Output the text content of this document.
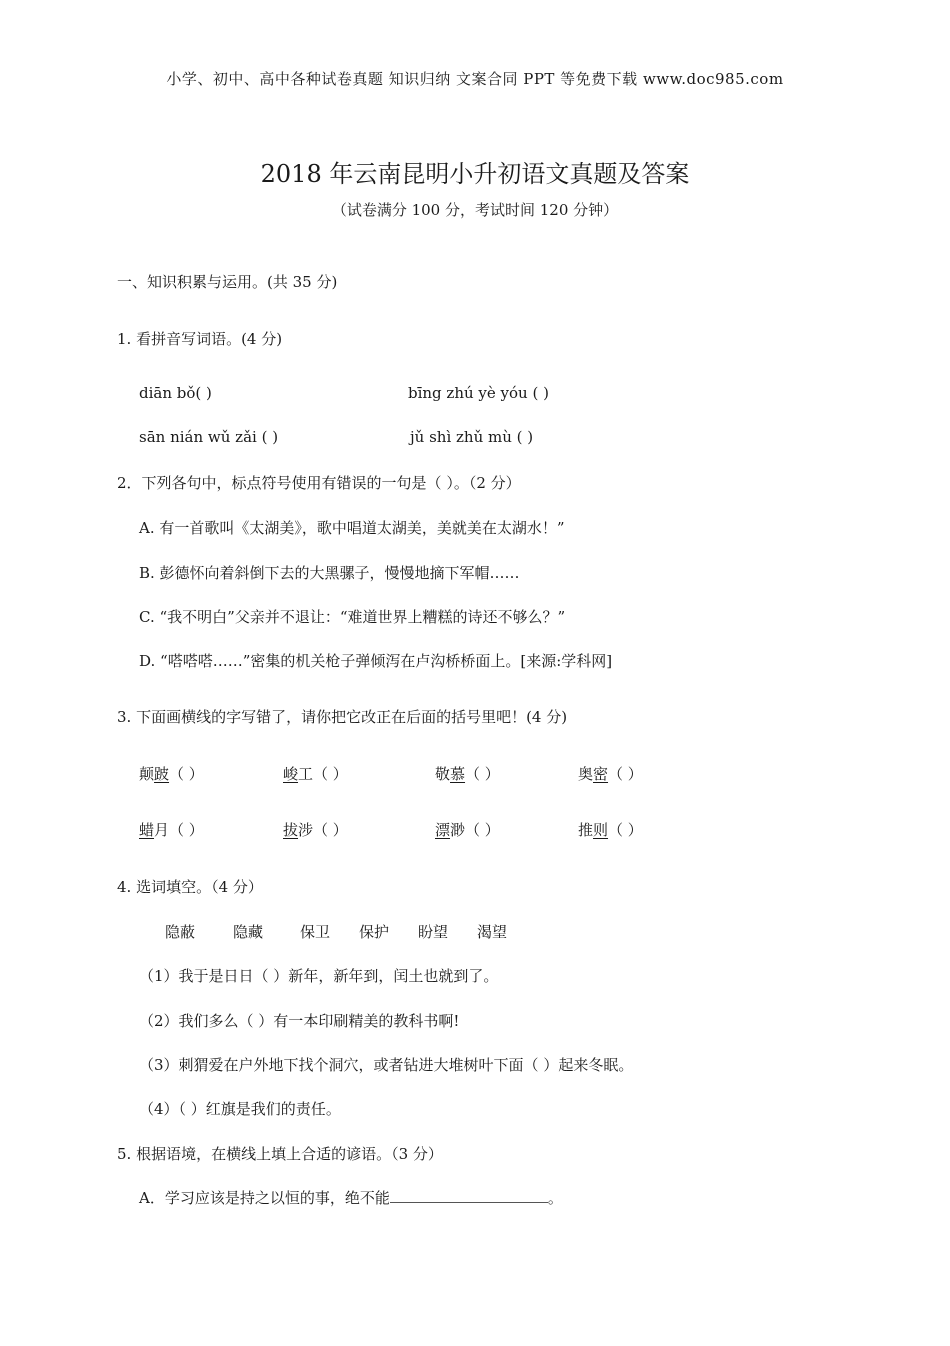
小学、初中、高中各种试卷真题 知识归纳 文案合同 PPT 等免费下载 www.doc985.com
2018 年云南昆明小升初语文真题及答案
（试卷满分 100 分，考试时间 120 分钟）
一、知识积累与运用。(共 35 分)
1. 看拼音写词语。(4 分)
diān bǒ( )	bīng zhú yè yóu ( )
sān nián wǔ zǎi ( )	jǔ shì zhǔ mù ( )
2．下列各句中，标点符号使用有错误的一句是（ ）。（2 分）
A. 有一首歌叫《太湖美》，歌中唱道太湖美，美就美在太湖水！”
B. 彭德怀向着斜倒下去的大黑骡子，慢慢地摘下军帽……
C. “我不明白”父亲并不退让：“难道世界上糟糕的诗还不够么？”
D. “嗒嗒嗒……”密集的机关枪子弹倾泻在卢沟桥桥面上。[来源:学科网]
3. 下面画横线的字写错了，请你把它改正在后面的括号里吧！(4 分)
颠跛（ ）	峻工（ ）	敬慕（ ）	奥密（ ）
蜡月（ ）	拔涉（ ）	漂渺（ ）	推则（ ）
4. 选词填空。（4 分）
隐蔽	隐藏 保卫 保护 盼望 渴望
（1）我于是日日（ ）新年，新年到，闰土也就到了。
（2）我们多么（ ）有一本印刷精美的教科书啊!
（3）刺猬爱在户外地下找个洞穴，或者钻进大堆树叶下面（ ）起来冬眠。
（4）（ ）红旗是我们的责任。
5. 根据语境，在横线上填上合适的谚语。（3 分）
A．学习应该是持之以恒的事，绝不能	。
